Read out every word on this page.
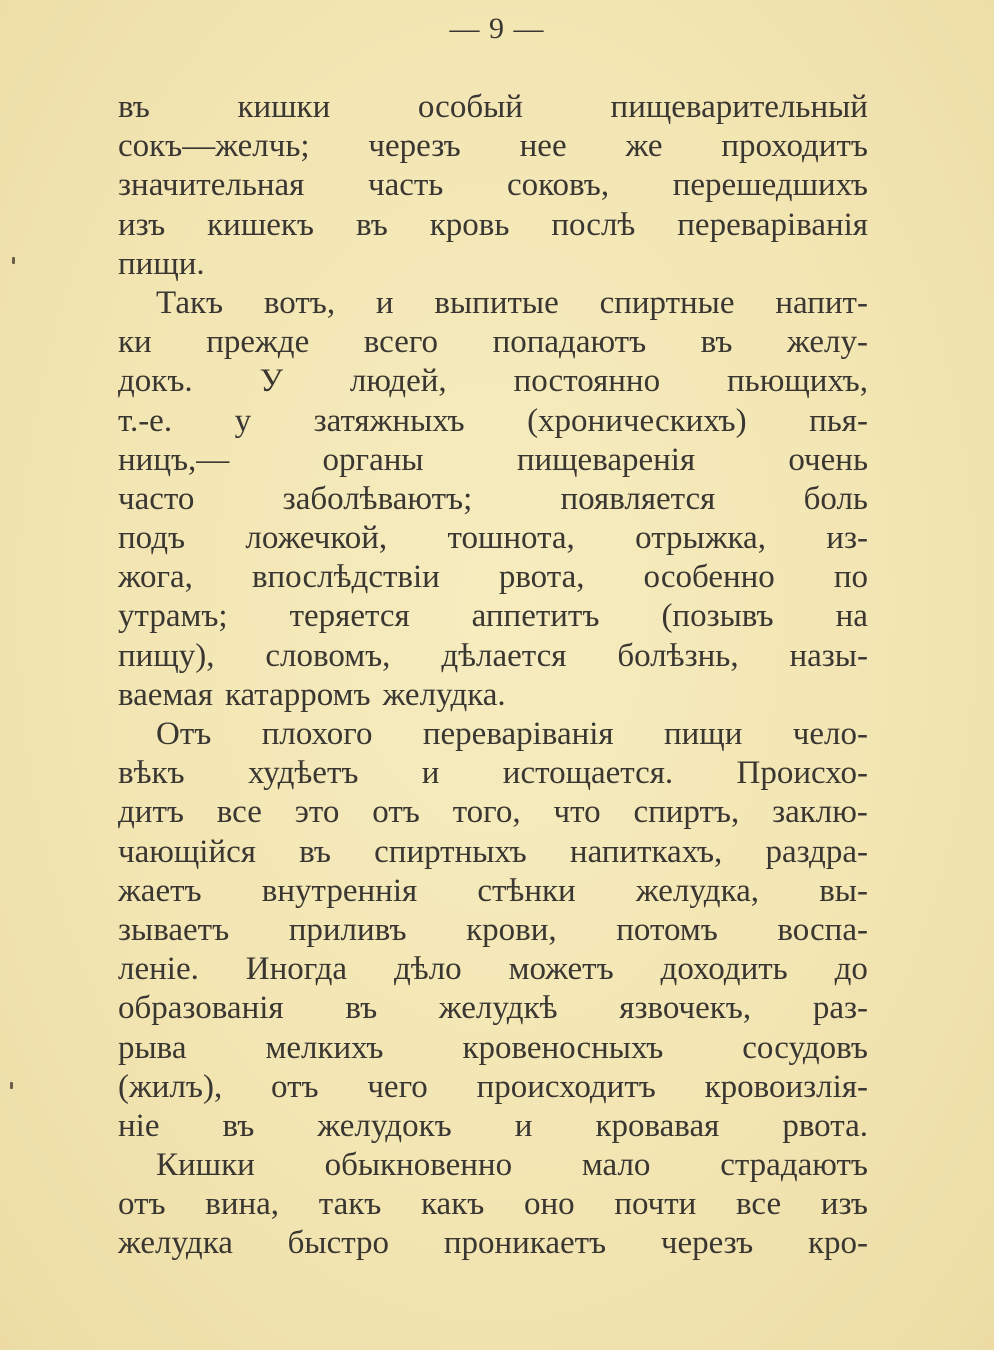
— 9 —
въ	кишки	особый	пищеварительный
сокъ—желчь; черезъ нее же проходитъ
значительная часть соковъ, перешедшихъ
изъ кишекъ въ кровь послѣ переваріванія
пищи.
Такъ вотъ, и выпитые спиртные напит-
ки прежде всего попадаютъ въ желу-
докъ. У людей, постоянно пьющихъ,
т.-е. у затяжныхъ (хроническихъ) пья-
ницъ,—	органы	пищеваренія	очень
часто	заболѣваютъ;	появляется	боль
подъ ложечкой, тошнота, отрыжка, из-
жога, впослѣдствіи рвота, особенно по
утрамъ; теряется аппетитъ (позывъ на
пищу), словомъ, дѣлается болѣзнь, назы-
ваемая катарромъ желудка.
Отъ плохого переваріванія пищи чело-
вѣкъ худѣетъ и истощается. Происхо-
дитъ все это отъ того, что спиртъ, заклю-
чающійся въ спиртныхъ напиткахъ, раздра-
жаетъ внутреннія стѣнки желудка, вы-
зываетъ приливъ крови, потомъ воспа-
леніе. Иногда дѣло можетъ доходить до
образованія въ желудкѣ язвочекъ, раз-
рыва мелкихъ кровеносныхъ сосудовъ
(жилъ), отъ чего происходитъ кровоизлія-
ніе въ желудокъ и кровавая рвота.
Кишки обыкновенно мало страдаютъ
отъ вина, такъ какъ оно почти все изъ
желудка быстро проникаетъ черезъ кро-
